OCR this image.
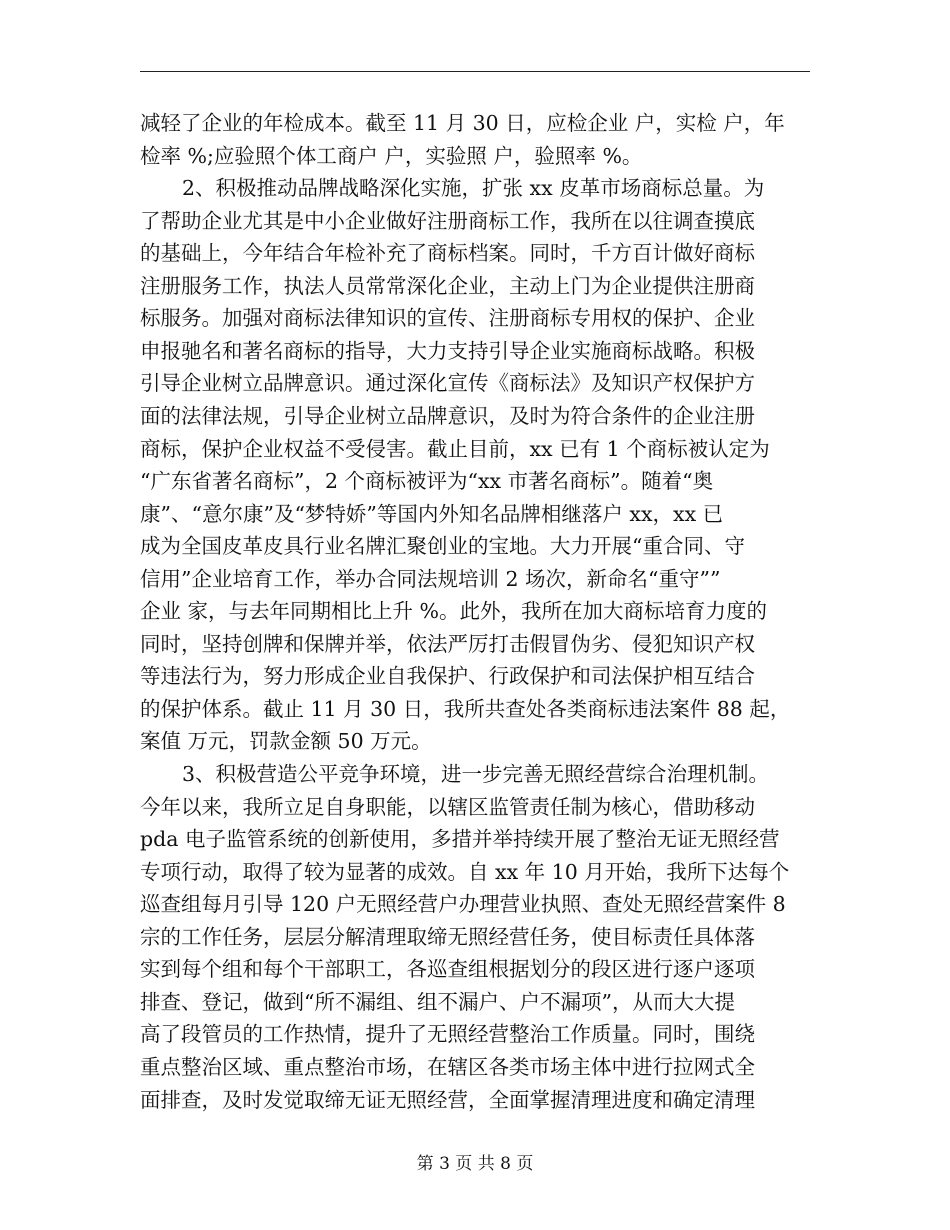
减轻了企业的年检成本。截至 11 月 30 日，应检企业 户，实检 户，年
检率 %;应验照个体工商户 户，实验照 户，验照率 %。
2、积极推动品牌战略深化实施，扩张 xx 皮革市场商标总量。为
了帮助企业尤其是中小企业做好注册商标工作，我所在以往调查摸底
的基础上，今年结合年检补充了商标档案。同时，千方百计做好商标
注册服务工作，执法人员常常深化企业，主动上门为企业提供注册商
标服务。加强对商标法律知识的宣传、注册商标专用权的保护、企业
申报驰名和著名商标的指导，大力支持引导企业实施商标战略。积极
引导企业树立品牌意识。通过深化宣传《商标法》及知识产权保护方
面的法律法规，引导企业树立品牌意识，及时为符合条件的企业注册
商标，保护企业权益不受侵害。截止目前，xx 已有 1 个商标被认定为
“广东省著名商标”，2 个商标被评为“xx 市著名商标”。随着“奥
康”、“意尔康”及“梦特娇”等国内外知名品牌相继落户 xx，xx 已
成为全国皮革皮具行业名牌汇聚创业的宝地。大力开展“重合同、守
信用”企业培育工作，举办合同法规培训 2 场次，新命名“重守””
企业 家，与去年同期相比上升 %。此外，我所在加大商标培育力度的
同时，坚持创牌和保牌并举，依法严厉打击假冒伪劣、侵犯知识产权
等违法行为，努力形成企业自我保护、行政保护和司法保护相互结合
的保护体系。截止 11 月 30 日，我所共查处各类商标违法案件 88 起，
案值 万元，罚款金额 50 万元。
3、积极营造公平竞争环境，进一步完善无照经营综合治理机制。
今年以来，我所立足自身职能，以辖区监管责任制为核心，借助移动
pda 电子监管系统的创新使用，多措并举持续开展了整治无证无照经营
专项行动，取得了较为显著的成效。自 xx 年 10 月开始，我所下达每个
巡查组每月引导 120 户无照经营户办理营业执照、查处无照经营案件 8
宗的工作任务，层层分解清理取缔无照经营任务，使目标责任具体落
实到每个组和每个干部职工，各巡查组根据划分的段区进行逐户逐项
排查、登记，做到“所不漏组、组不漏户、户不漏项”，从而大大提
高了段管员的工作热情，提升了无照经营整治工作质量。同时，围绕
重点整治区域、重点整治市场，在辖区各类市场主体中进行拉网式全
面排查，及时发觉取缔无证无照经营，全面掌握清理进度和确定清理
第 3 页 共 8 页
